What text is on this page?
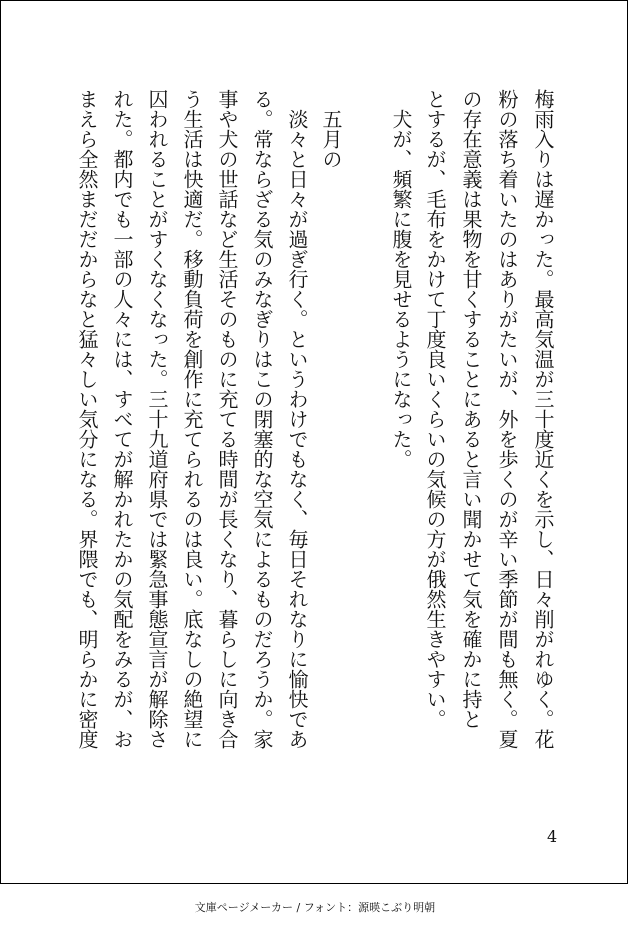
梅雨入りは遅かった。最高気温が三十度近くを示し、日々削がれゆく。花
粉の落ち着いたのはありがたいが、外を歩くのが辛い季節が間も無く。夏
の存在意義は果物を甘くすることにあると言い聞かせて気を確かに持と
とするが、毛布をかけて丁度良いくらいの気候の方が俄然生きやすい。
犬が、頻繁に腹を見せるようになった。
五月の
淡々と日々が過ぎ行く。というわけでもなく、毎日それなりに愉快であ
る。常ならざる気のみなぎりはこの閉塞的な空気によるものだろうか。家
事や犬の世話など生活そのものに充てる時間が長くなり、暮らしに向き合
う生活は快適だ。移動負荷を創作に充てられるのは良い。底なしの絶望に
囚われることがすくなくなった。三十九道府県では緊急事態宣言が解除さ
れた。都内でも一部の人々には、すべてが解かれたかの気配をみるが、お
まえら全然まだだからなと猛々しい気分になる。界隈でも、明らかに密度
4
文庫ページメーカー / フォント：源暎こぶり明朝
